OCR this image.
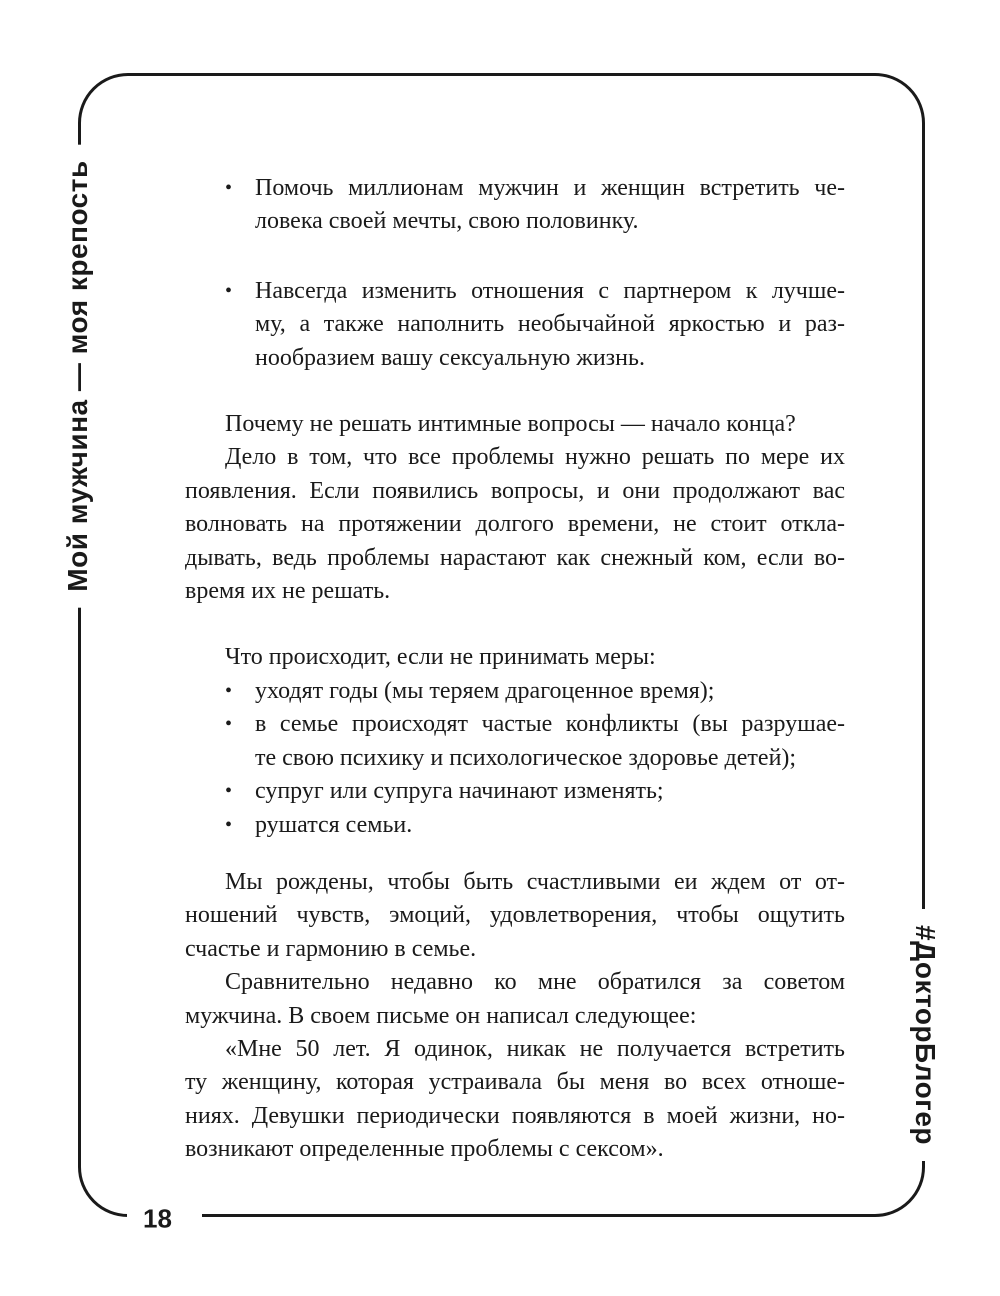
Мой мужчина — моя крепость
#ДокторБлогер
18
• Помочь миллионам мужчин и женщин встретить че-
ловека своей мечты, свою половинку.
• Навсегда изменить отношения с партнером к лучше-
му, а также наполнить необычайной яркостью и раз-
нообразием вашу сексуальную жизнь.
Почему не решать интимные вопросы — начало конца?
Дело в том, что все проблемы нужно решать по мере их
появления. Если появились вопросы, и они продолжают вас
волновать на протяжении долгого времени, не стоит откла-
дывать, ведь проблемы нарастают как снежный ком, если во-
время их не решать.
Что происходит, если не принимать меры:
• уходят годы (мы теряем драгоценное время);
• в семье происходят частые конфликты (вы разрушае-
те свою психику и психологическое здоровье детей);
• супруг или супруга начинают изменять;
• рушатся семьи.
Мы рождены, чтобы быть счастливыми еи ждем от от-
ношений чувств, эмоций, удовлетворения, чтобы ощутить
счастье и гармонию в семье.
Сравнительно недавно ко мне обратился за советом
мужчина. В своем письме он написал следующее:
«Мне 50 лет. Я одинок, никак не получается встретить
ту женщину, которая устраивала бы меня во всех отноше-
ниях. Девушки периодически появляются в моей жизни, но-
возникают определенные проблемы с сексом».
